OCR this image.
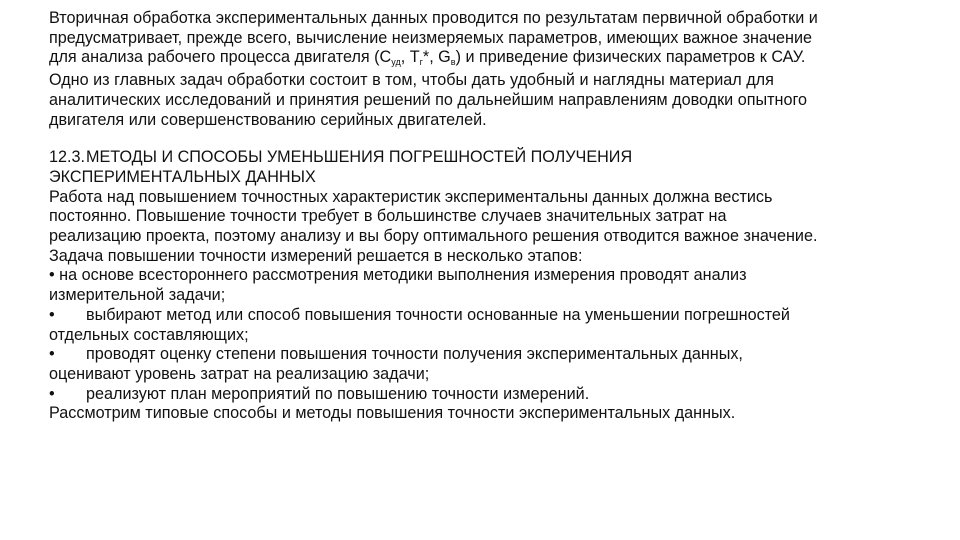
Вторичная обработка экспериментальных данных проводится по результатам первичной обработки и
предусматривает, прежде всего, вычисление неизмеряемых параметров, имеющих важное значение
для анализа рабочего процесса двигателя ($С_{уд}$, $Т_г*$, $G_в$) и приведение физических параметров к САУ.
Одно из главных задач обработки состоит в том, чтобы дать удобный и наглядны материал для
аналитических исследований и принятия решений по дальнейшим направлениям доводки опытного
двигателя или совершенствованию серийных двигателей.
12.3.МЕТОДЫ И СПОСОБЫ УМЕНЬШЕНИЯ ПОГРЕШНОСТЕЙ ПОЛУЧЕНИЯ
ЭКСПЕРИМЕНТАЛЬНЫХ ДАННЫХ
Работа над повышением точностных характеристик экспериментальны данных должна вестись
постоянно. Повышение точности требует в большинстве случаев значительных затрат на
реализацию проекта, поэтому анализу и вы бору оптимального решения отводится важное значение.
Задача повышении точности измерений решается в несколько этапов:
• на основе всестороннего рассмотрения методики выполнения измерения проводят анализ
измерительной задачи;
• выбирают метод или способ повышения точности основанные на уменьшении погрешностей
отдельных составляющих;
• проводят оценку степени повышения точности получения экспериментальных данных,
оценивают уровень затрат на реализацию задачи;
• реализуют план мероприятий по повышению точности измерений.
Рассмотрим типовые способы и методы повышения точности экспериментальных данных.
